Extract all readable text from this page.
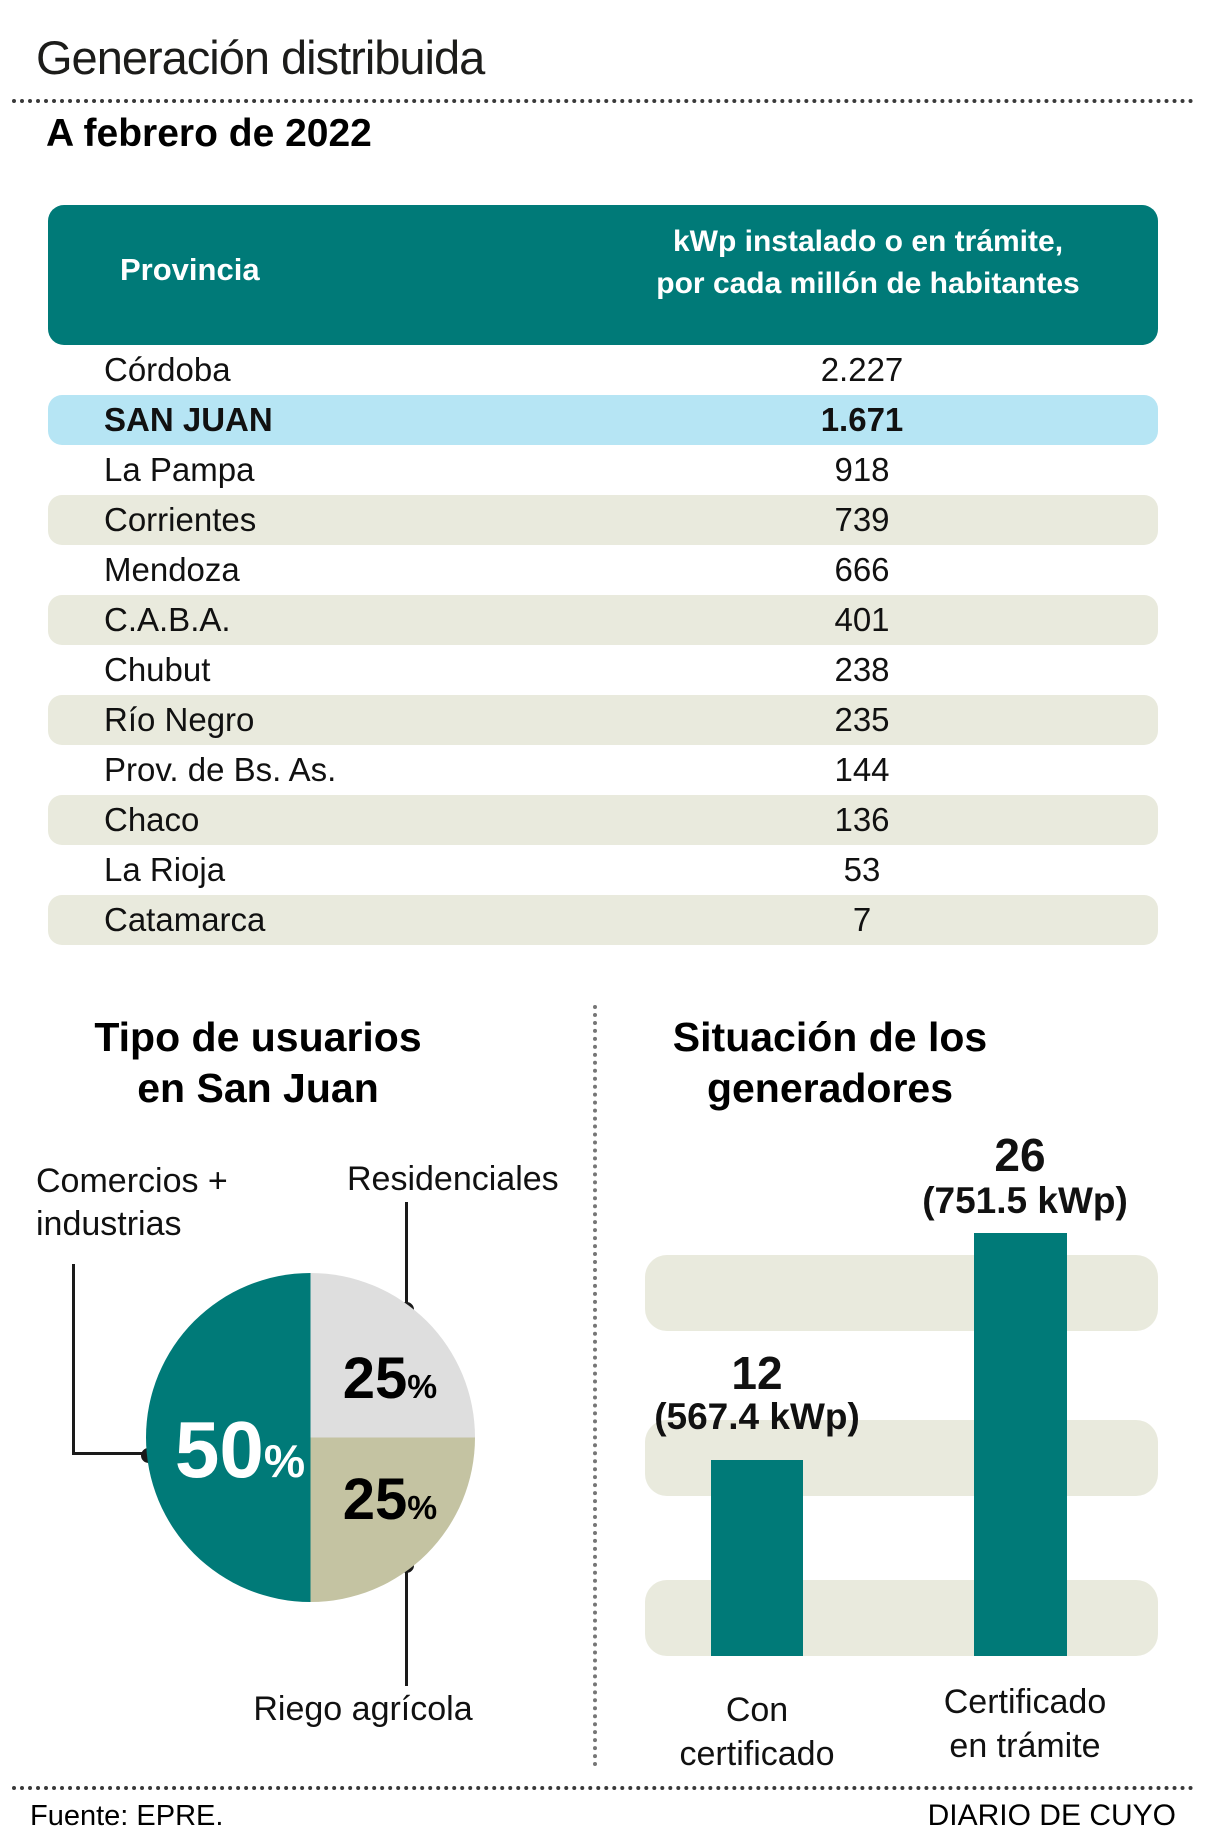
Generación distribuida
A febrero de 2022
Provincia
kWp instalado o en trámite,
por cada millón de habitantes
Córdoba	2.227
SAN JUAN	1.671
La Pampa	918
Corrientes	739
Mendoza	666
C.A.B.A.	401
Chubut	238
Río Negro	235
Prov. de Bs. As.	144
Chaco	136
La Rioja	53
Catamarca	7
Tipo de usuarios
en San Juan
Comercios +
industrias
Residenciales
50%
25%
25%
Riego agrícola
Situación de los
generadores
12
(567.4 kWp)
26
(751.5 kWp)
Con
certificado
Certificado
en trámite
Fuente: EPRE.	DIARIO DE CUYO
